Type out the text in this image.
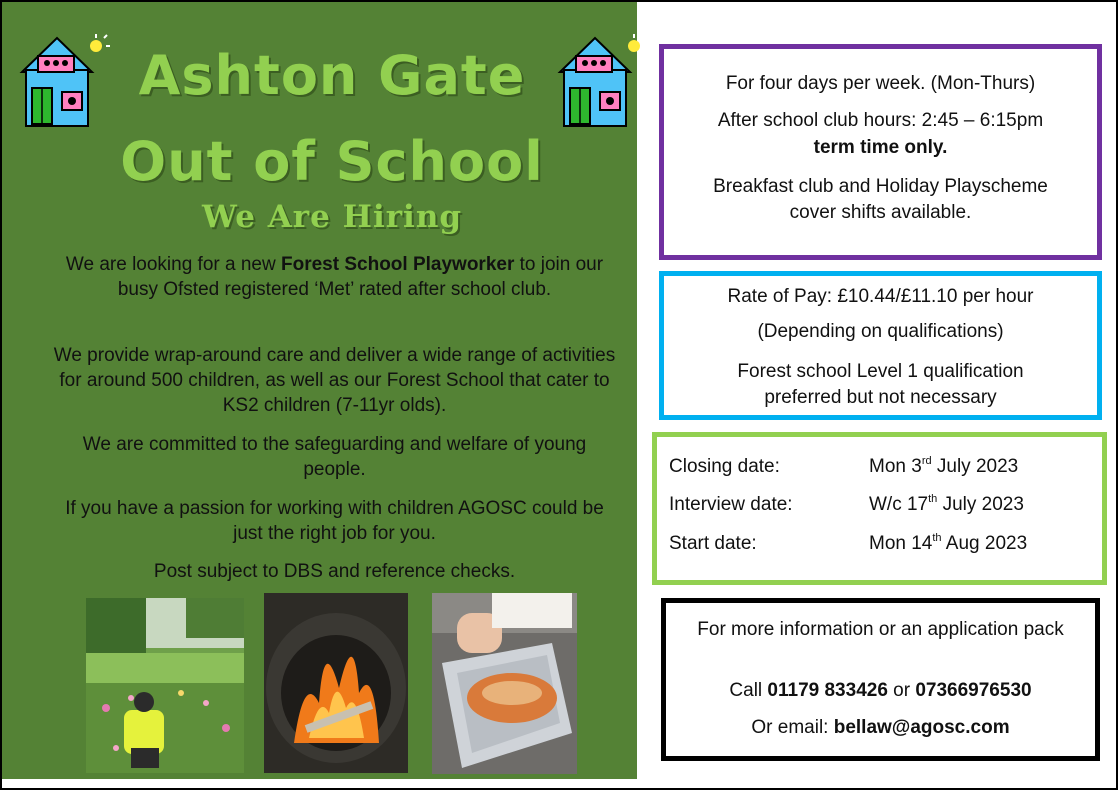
Ashton Gate
Out of School
We Are Hiring
We are looking for a new Forest School Playworker to join our busy Ofsted registered ‘Met’ rated after school club.
We provide wrap-around care and deliver a wide range of activities for around 500 children, as well as our Forest School that cater to KS2 children (7-11yr olds).
We are committed to the safeguarding and welfare of young people.
If you have a passion for working with children AGOSC could be just the right job for you.
Post subject to DBS and reference checks.

For four days per week. (Mon-Thurs)

After school club hours: 2:45 – 6:15pm

term time only.

Breakfast club and Holiday Playscheme cover shifts available.

Rate of Pay: £10.44/£11.10 per hour

(Depending on qualifications)

Forest school Level 1 qualification preferred but not necessary

Closing date:	Mon 3rd July 2023
Interview date:	W/c 17th July 2023
Start date:	Mon 14th Aug 2023

For more information or an application pack

Call 01179 833426 or 07366976530

Or email: bellaw@agosc.com
